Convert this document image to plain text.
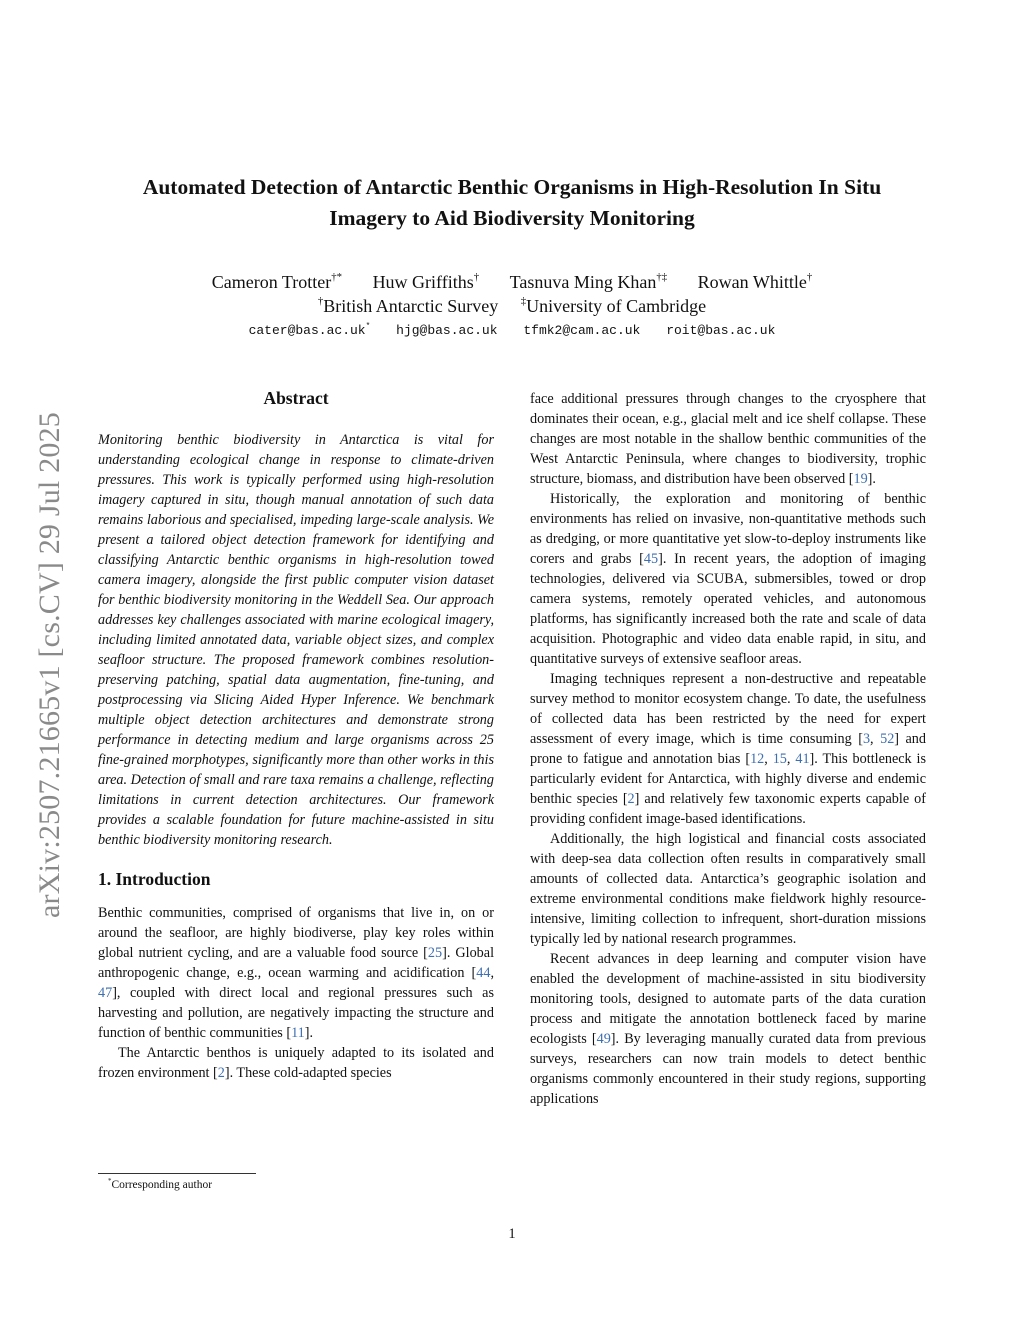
arXiv:2507.21665v1 [cs.CV] 29 Jul 2025
Automated Detection of Antarctic Benthic Organisms in High-Resolution In Situ
Imagery to Aid Biodiversity Monitoring
Cameron Trotter†* Huw Griffiths† Tasnuva Ming Khan†‡ Rowan Whittle†
†British Antarctic Survey ‡University of Cambridge
cater@bas.ac.uk* hjg@bas.ac.uk tfmk2@cam.ac.uk roit@bas.ac.uk
Abstract

Monitoring benthic biodiversity in Antarctica is vital for understanding ecological change in response to climate-driven pressures. This work is typically performed using high-resolution imagery captured in situ, though manual annotation of such data remains laborious and specialised, impeding large-scale analysis. We present a tailored object detection framework for identifying and classifying Antarctic benthic organisms in high-resolution towed camera imagery, alongside the first public computer vision dataset for benthic biodiversity monitoring in the Weddell Sea. Our approach addresses key challenges associated with marine ecological imagery, including limited annotated data, variable object sizes, and complex seafloor structure. The proposed framework combines resolution-preserving patching, spatial data augmentation, fine-tuning, and postprocessing via Slicing Aided Hyper Inference. We benchmark multiple object detection architectures and demonstrate strong performance in detecting medium and large organisms across 25 fine-grained morphotypes, significantly more than other works in this area. Detection of small and rare taxa remains a challenge, reflecting limitations in current detection architectures. Our framework provides a scalable foundation for future machine-assisted in situ benthic biodiversity monitoring research.

1. Introduction

Benthic communities, comprised of organisms that live in, on or around the seafloor, are highly biodiverse, play key roles within global nutrient cycling, and are a valuable food source [25]. Global anthropogenic change, e.g., ocean warming and acidification [44, 47], coupled with direct local and regional pressures such as harvesting and pollution, are negatively impacting the structure and function of benthic communities [11].

The Antarctic benthos is uniquely adapted to its isolated and frozen environment [2]. These cold-adapted species

face additional pressures through changes to the cryosphere that dominates their ocean, e.g., glacial melt and ice shelf collapse. These changes are most notable in the shallow benthic communities of the West Antarctic Peninsula, where changes to biodiversity, trophic structure, biomass, and distribution have been observed [19].

Historically, the exploration and monitoring of benthic environments has relied on invasive, non-quantitative methods such as dredging, or more quantitative yet slow-to-deploy instruments like corers and grabs [45]. In recent years, the adoption of imaging technologies, delivered via SCUBA, submersibles, towed or drop camera systems, remotely operated vehicles, and autonomous platforms, has significantly increased both the rate and scale of data acquisition. Photographic and video data enable rapid, in situ, and quantitative surveys of extensive seafloor areas.

Imaging techniques represent a non-destructive and repeatable survey method to monitor ecosystem change. To date, the usefulness of collected data has been restricted by the need for expert assessment of every image, which is time consuming [3, 52] and prone to fatigue and annotation bias [12, 15, 41]. This bottleneck is particularly evident for Antarctica, with highly diverse and endemic benthic species [2] and relatively few taxonomic experts capable of providing confident image-based identifications.

Additionally, the high logistical and financial costs associated with deep-sea data collection often results in comparatively small amounts of collected data. Antarctica’s geographic isolation and extreme environmental conditions make fieldwork highly resource-intensive, limiting collection to infrequent, short-duration missions typically led by national research programmes.

Recent advances in deep learning and computer vision have enabled the development of machine-assisted in situ biodiversity monitoring tools, designed to automate parts of the data curation process and mitigate the annotation bottleneck faced by marine ecologists [49]. By leveraging manually curated data from previous surveys, researchers can now train models to detect benthic organisms commonly encountered in their study regions, supporting applications

*Corresponding author
1
